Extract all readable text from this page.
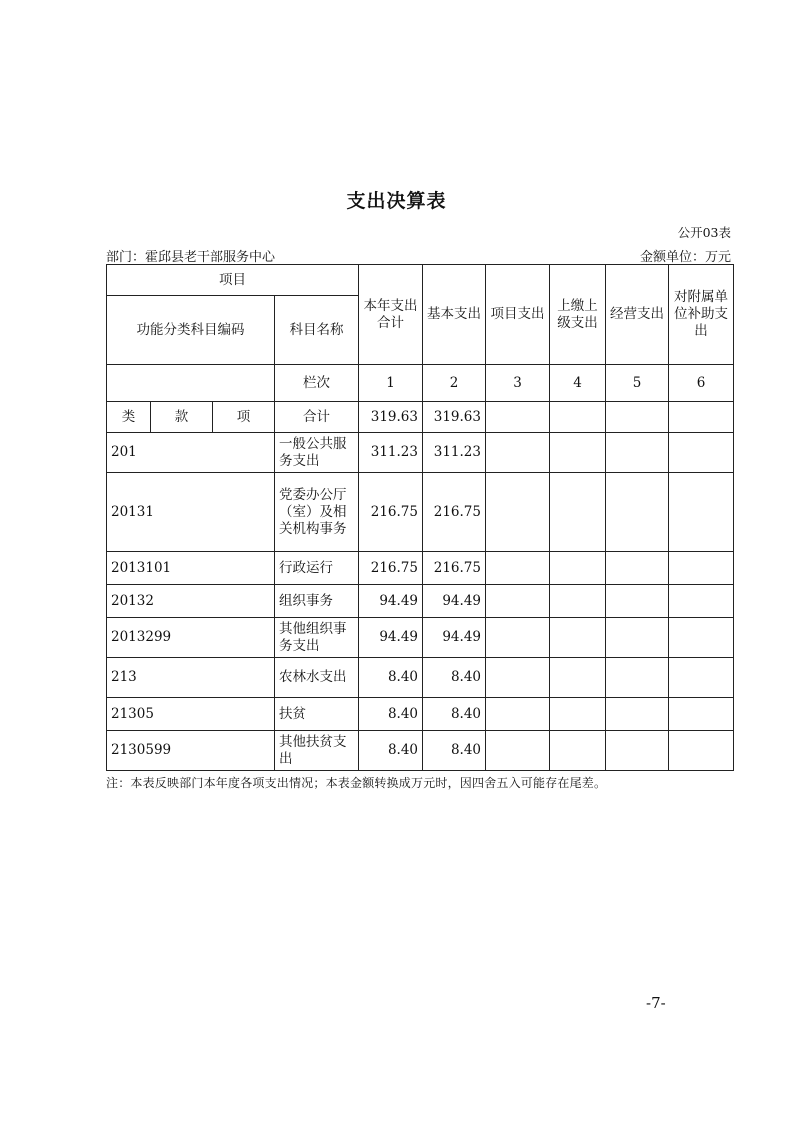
支出决算表
公开03表
部门：霍邱县老干部服务中心	金额单位：万元
项目				本年支出合计	基本支出	项目支出	上缴上级支出	经营支出	对附属单位补助支出
功能分类科目编码			科目名称						
			栏次	1	2	3	4	5	6
类	款	项	合计	319.63	319.63				
201			一般公共服务支出	311.23	311.23				
20131			党委办公厅（室）及相关机构事务	216.75	216.75				
2013101			行政运行	216.75	216.75				
20132			组织事务	94.49	94.49				
2013299			其他组织事务支出	94.49	94.49				
213			农林水支出	8.40	8.40				
21305			扶贫	8.40	8.40				
2130599			其他扶贫支出	8.40	8.40				
注：本表反映部门本年度各项支出情况；本表金额转换成万元时，因四舍五入可能存在尾差。
-7-
